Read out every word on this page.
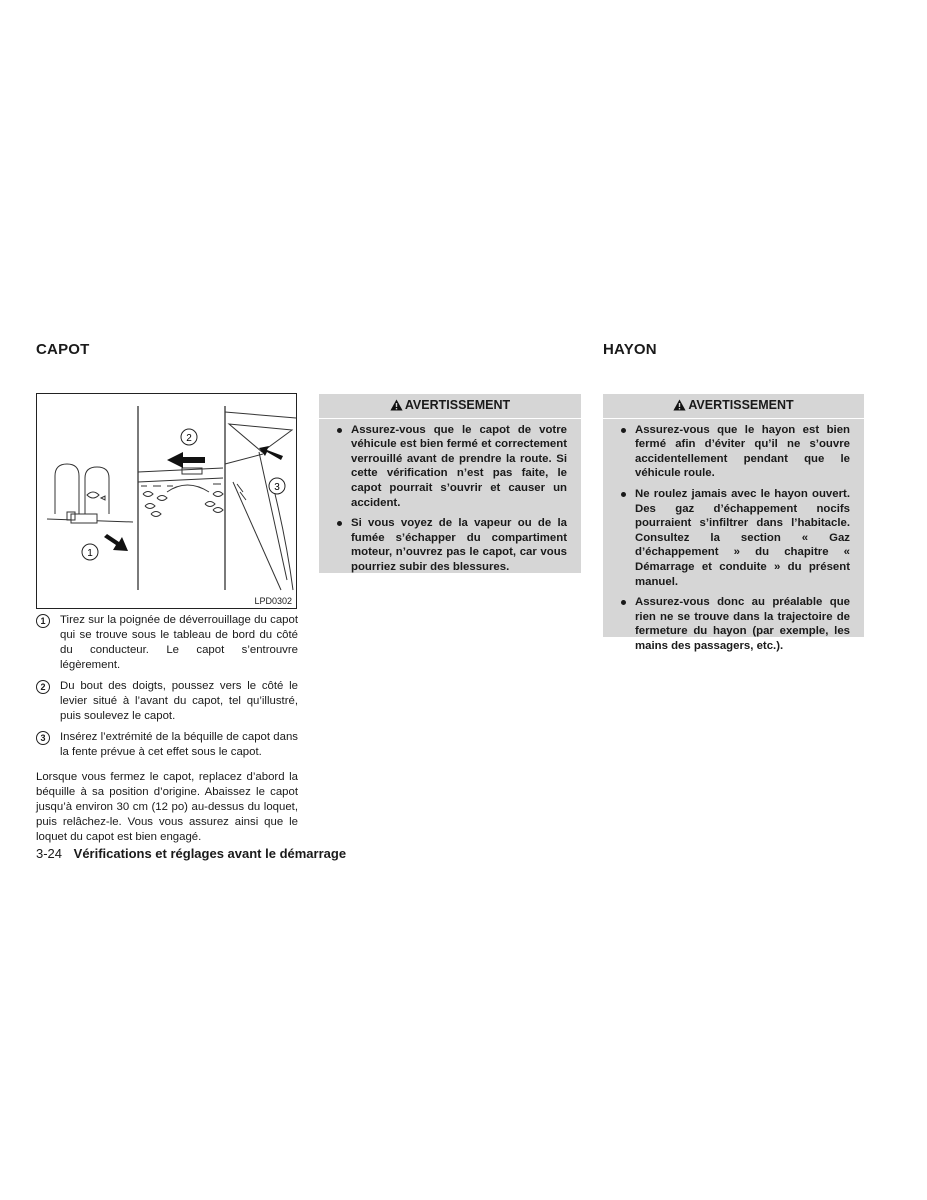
CAPOT	HAYON
1
2
3
LPD0302
1	Tirez sur la poignée de déverrouillage du capot qui se trouve sous le tableau de bord du côté du conducteur. Le capot s’entrouvre légèrement.
2	Du bout des doigts, poussez vers le côté le levier situé à l’avant du capot, tel qu’illustré, puis soulevez le capot.
3	Insérez l’extrémité de la béquille de capot dans la fente prévue à cet effet sous le capot.

Lorsque vous fermez le capot, replacez d’abord la béquille à sa position d’origine. Abaissez le capot jusqu’à environ 30 cm (12 po) au-dessus du loquet, puis relâchez-le. Vous vous assurez ainsi que le loquet du capot est bien engagé.

3-24 Vérifications et réglages avant le démarrage
AVERTISSEMENT
Assurez-vous que le capot de votre véhicule est bien fermé et correctement verrouillé avant de prendre la route. Si cette vérification n’est pas faite, le capot pourrait s’ouvrir et causer un accident.
Si vous voyez de la vapeur ou de la fumée s’échapper du compartiment moteur, n’ouvrez pas le capot, car vous pourriez subir des blessures.
AVERTISSEMENT
Assurez-vous que le hayon est bien fermé afin d’éviter qu’il ne s’ouvre accidentellement pendant que le véhicule roule.
Ne roulez jamais avec le hayon ouvert. Des gaz d’échappement nocifs pourraient s’infiltrer dans l’habitacle. Consultez la section « Gaz d’échappement » du chapitre « Démarrage et conduite » du présent manuel.
Assurez-vous donc au préalable que rien ne se trouve dans la trajectoire de fermeture du hayon (par exemple, les mains des passagers, etc.).
